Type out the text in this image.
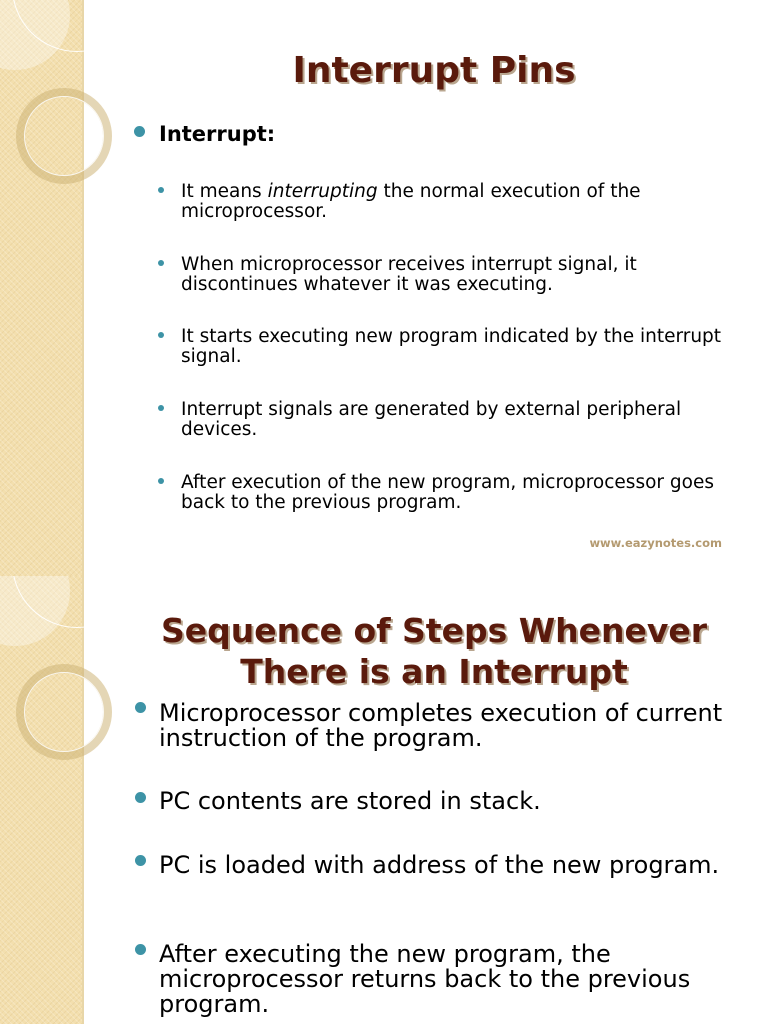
Interrupt Pins
Interrupt:
It means interrupting the normal execution of the microprocessor.
When microprocessor receives interrupt signal, it discontinues whatever it was executing.
It starts executing new program indicated by the interrupt signal.
Interrupt signals are generated by external peripheral devices.
After execution of the new program, microprocessor goes back to the previous program.
www.eazynotes.com
Sequence of Steps Whenever
There is an Interrupt
Microprocessor completes execution of current instruction of the program.
PC contents are stored in stack.
PC is loaded with address of the new program.
After executing the new program, the microprocessor returns back to the previous program.
